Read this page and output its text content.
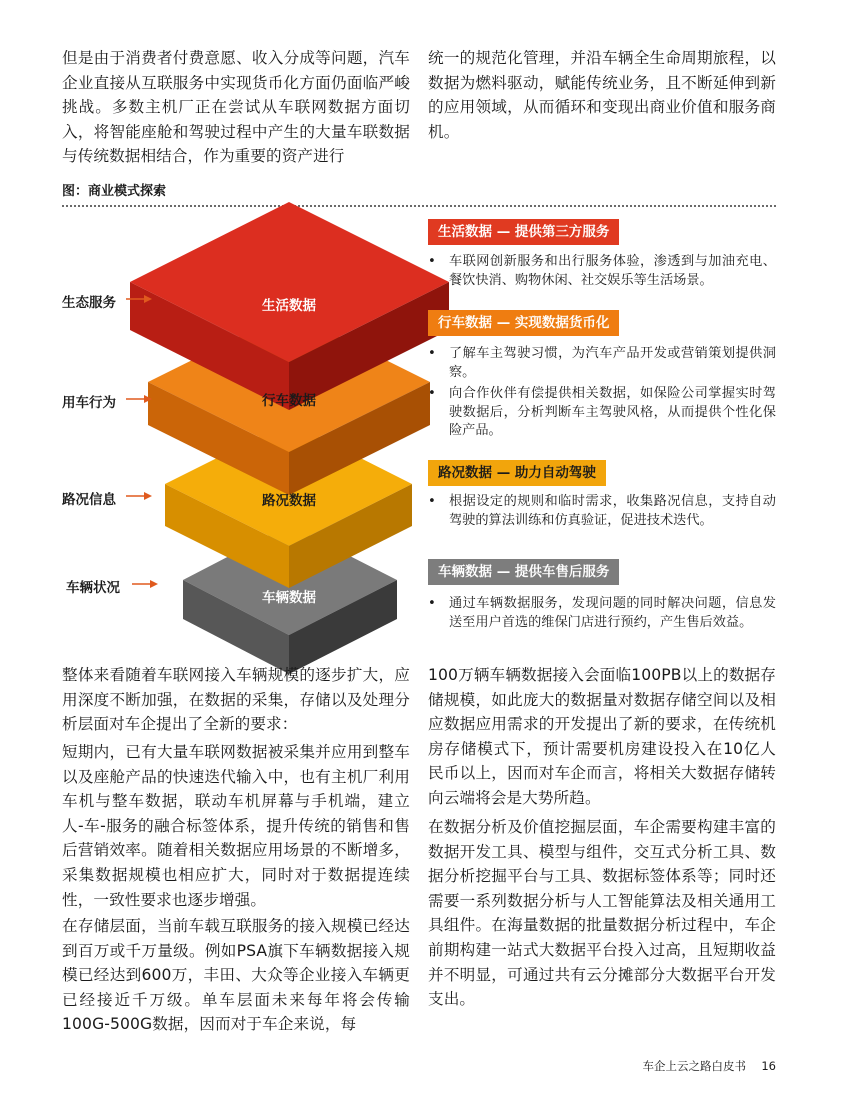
但是由于消费者付费意愿、收入分成等问题，汽车企业直接从互联服务中实现货币化方面仍面临严峻挑战。多数主机厂正在尝试从车联网数据方面切入，将智能座舱和驾驶过程中产生的大量车联数据与传统数据相结合，作为重要的资产进行

统一的规范化管理，并沿车辆全生命周期旅程，以数据为燃料驱动，赋能传统业务，且不断延伸到新的应用领域，从而循环和变现出商业价值和服务商机。

图：商业模式探索
生活数据
行车数据
路况数据
车辆数据
生态服务
用车行为
路况信息
车辆状况
生活数据 — 提供第三方服务
• 车联网创新服务和出行服务体验，渗透到与加油充电、餐饮快消、购物休闲、社交娱乐等生活场景。
行车数据 — 实现数据货币化
• 了解车主驾驶习惯，为汽车产品开发或营销策划提供洞察。
• 向合作伙伴有偿提供相关数据，如保险公司掌握实时驾驶数据后，分析判断车主驾驶风格，从而提供个性化保险产品。
路况数据 — 助力自动驾驶
• 根据设定的规则和临时需求，收集路况信息，支持自动驾驶的算法训练和仿真验证，促进技术迭代。
车辆数据 — 提供车售后服务
• 通过车辆数据服务，发现问题的同时解决问题，信息发送至用户首选的维保门店进行预约，产生售后效益。

整体来看随着车联网接入车辆规模的逐步扩大，应用深度不断加强，在数据的采集，存储以及处理分析层面对车企提出了全新的要求：

短期内，已有大量车联网数据被采集并应用到整车以及座舱产品的快速迭代输入中，也有主机厂利用车机与整车数据，联动车机屏幕与手机端，建立人-车-服务的融合标签体系，提升传统的销售和售后营销效率。随着相关数据应用场景的不断增多，采集数据规模也相应扩大，同时对于数据提连续性，一致性要求也逐步增强。

在存储层面，当前车载互联服务的接入规模已经达到百万或千万量级。例如PSA旗下车辆数据接入规模已经达到600万，丰田、大众等企业接入车辆更已经接近千万级。单车层面未来每年将会传输100G-500G数据，因而对于车企来说，每

100万辆车辆数据接入会面临100PB以上的数据存储规模，如此庞大的数据量对数据存储空间以及相应数据应用需求的开发提出了新的要求，在传统机房存储模式下，预计需要机房建设投入在10亿人民币以上，因而对车企而言，将相关大数据存储转向云端将会是大势所趋。

在数据分析及价值挖掘层面，车企需要构建丰富的数据开发工具、模型与组件，交互式分析工具、数据分析挖掘平台与工具、数据标签体系等；同时还需要一系列数据分析与人工智能算法及相关通用工具组件。在海量数据的批量数据分析过程中，车企前期构建一站式大数据平台投入过高，且短期收益并不明显，可通过共有云分摊部分大数据平台开发支出。

车企上云之路白皮书 16
